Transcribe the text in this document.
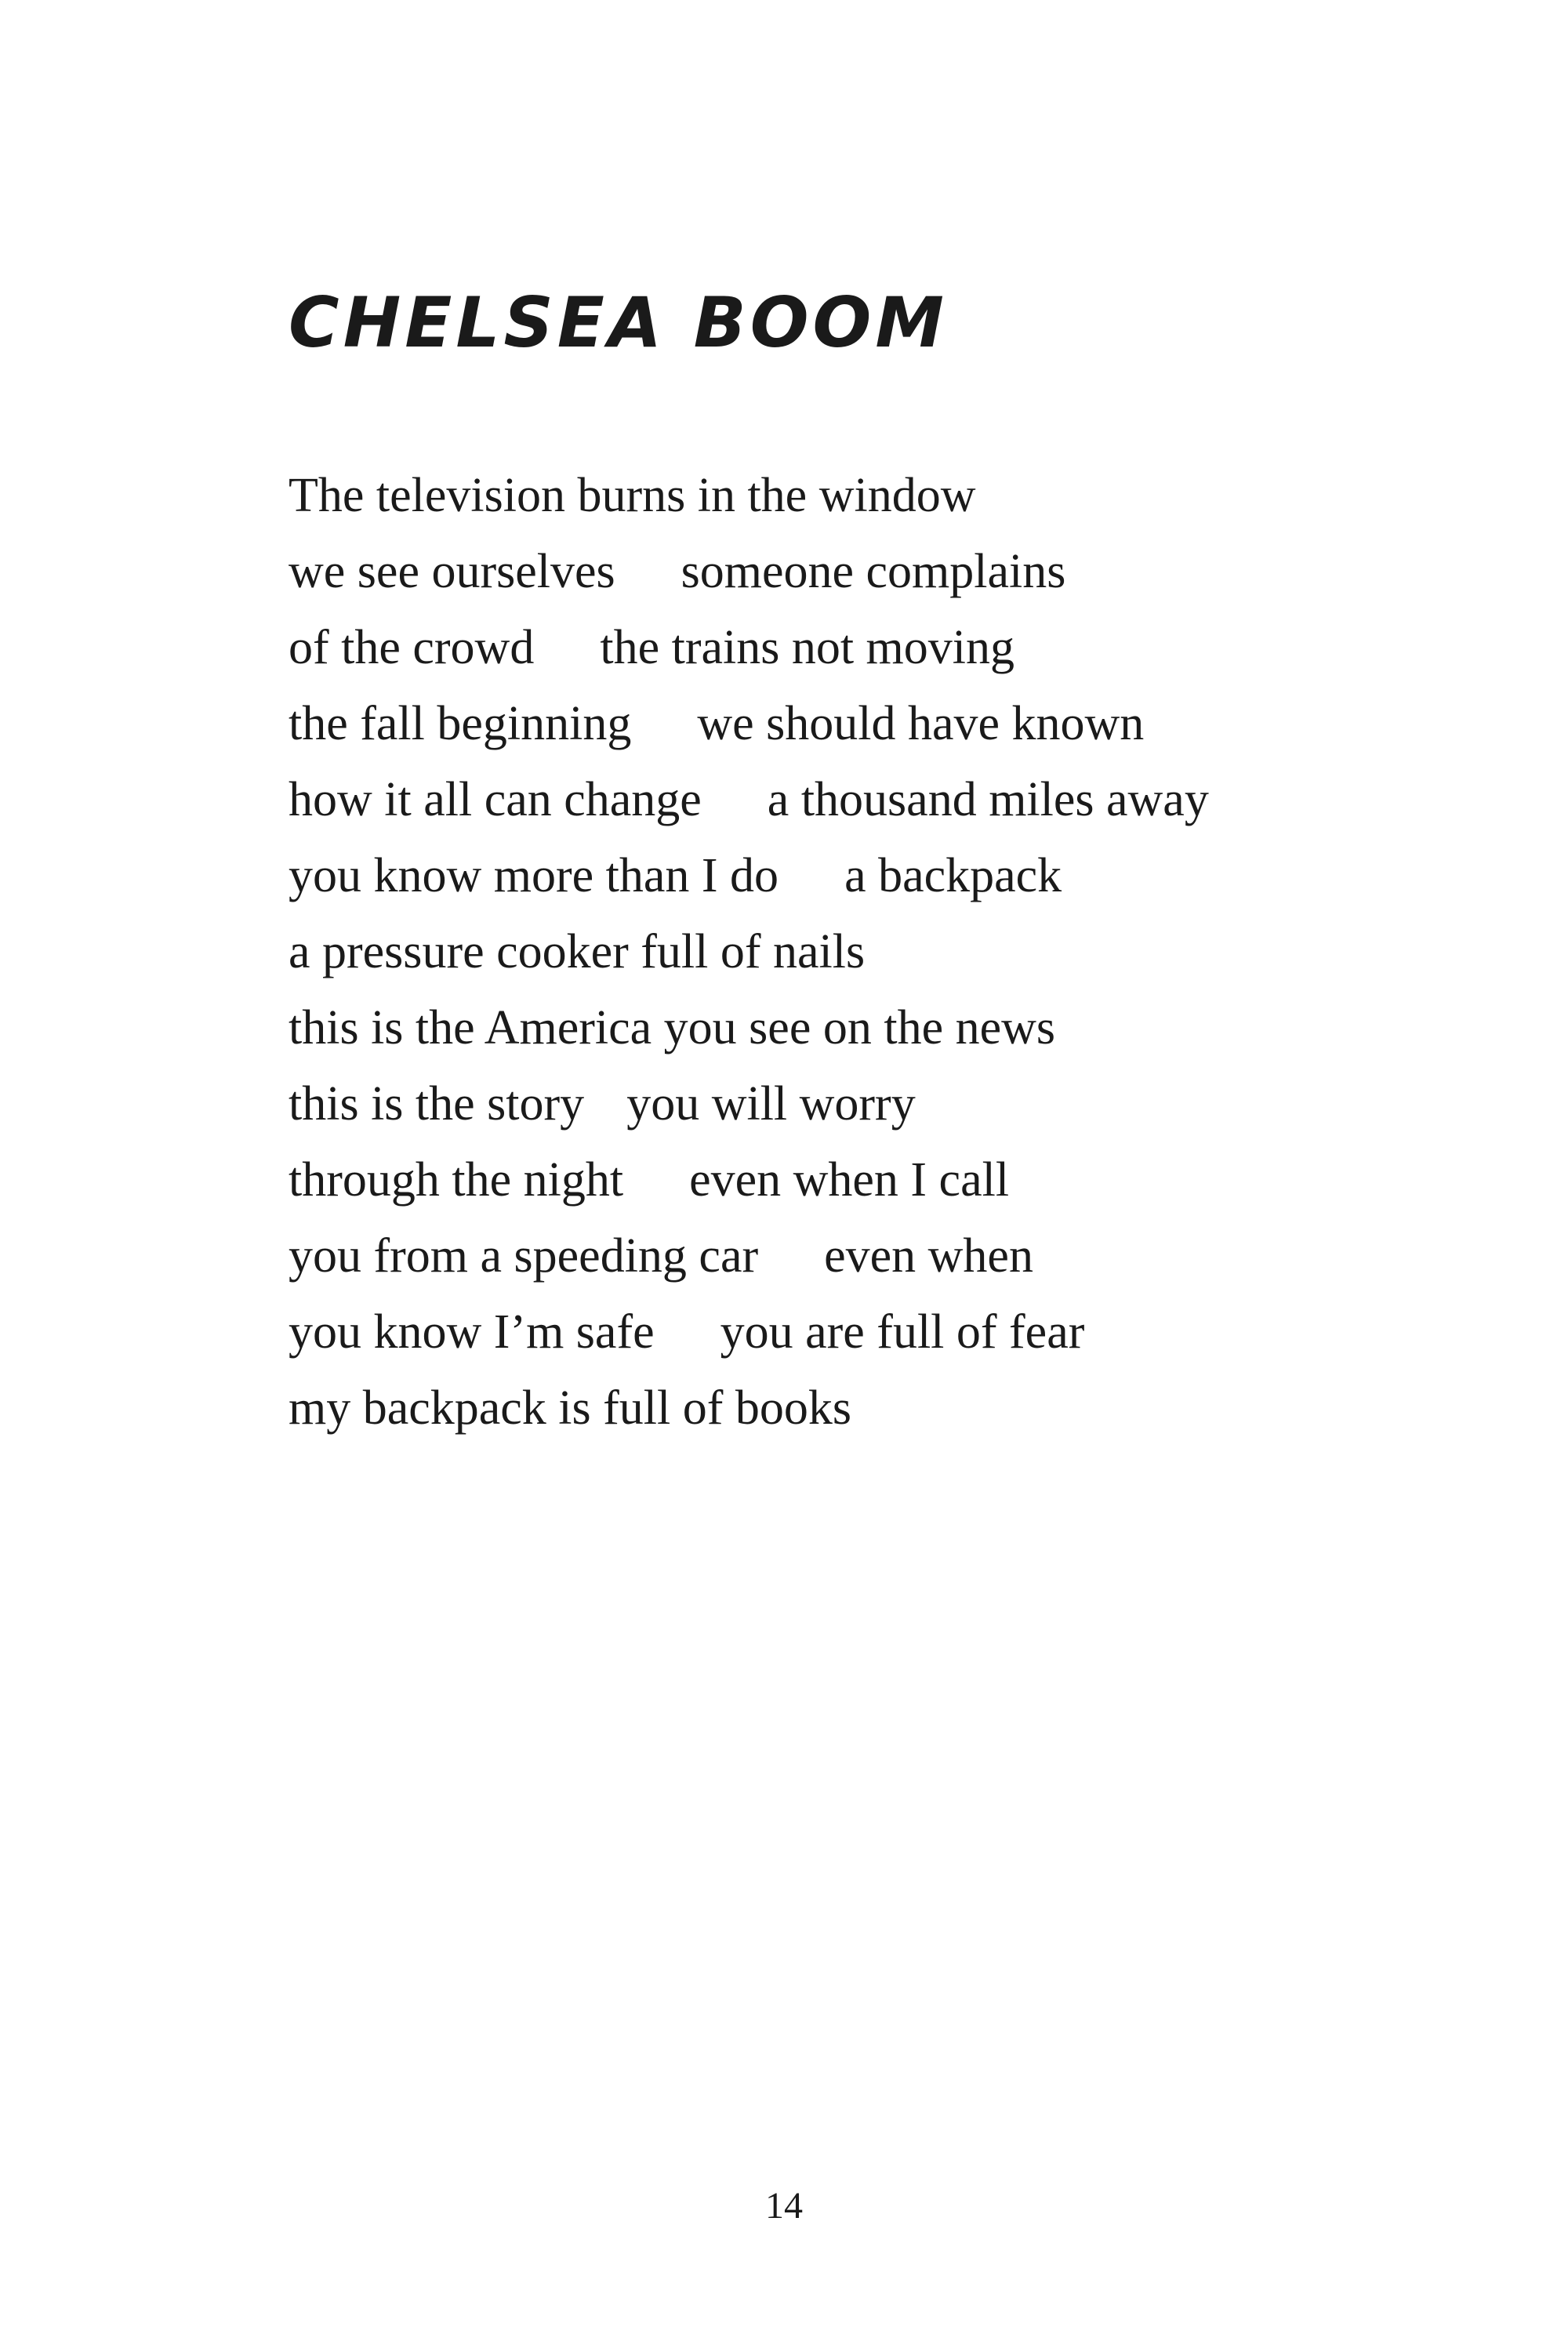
CHELSEA BOOM
The television burns in the window
we see ourselves someone complains
of the crowd the trains not moving
the fall beginning we should have known
how it all can change a thousand miles away
you know more than I do a backpack
a pressure cooker full of nails
this is the America you see on the news
this is the story you will worry
through the night even when I call
you from a speeding car even when
you know I’m safe you are full of fear
my backpack is full of books
14
